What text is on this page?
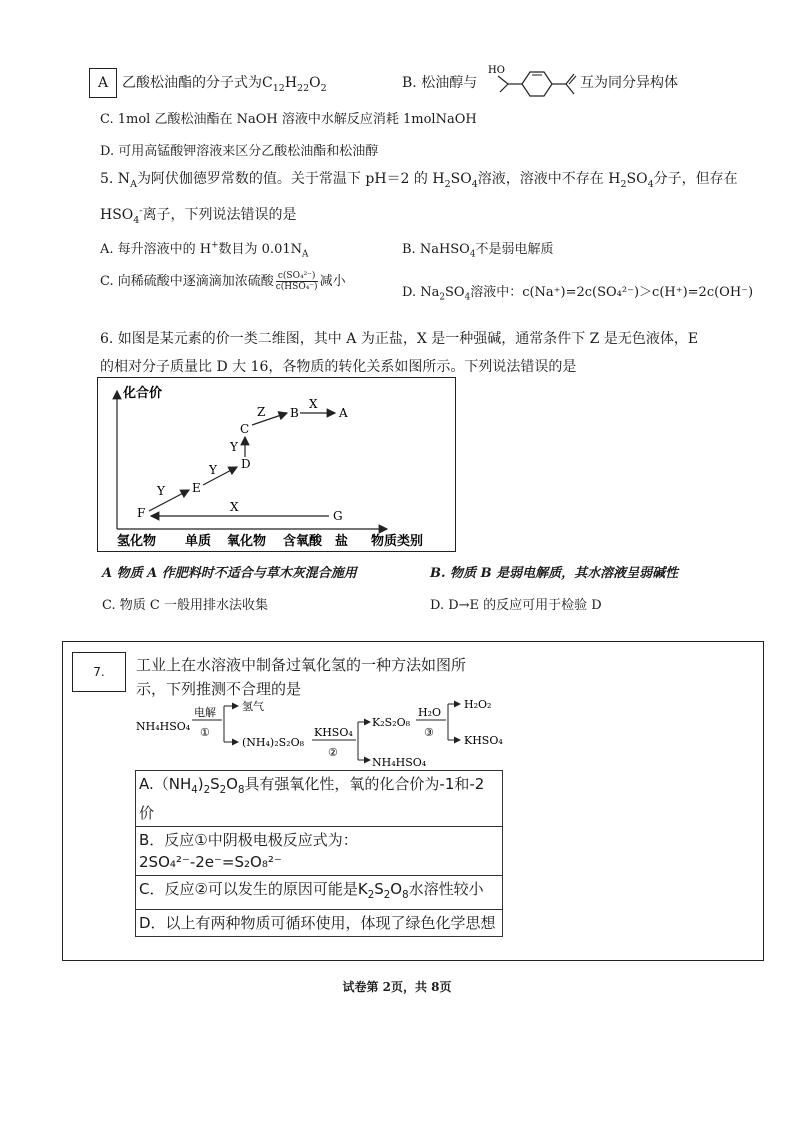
A 乙酸松油酯的分子式为$C_{12}H_{22}O_2$	B. 松油醇与
HO
互为同分异构体
C. 1mol 乙酸松油酯在 NaOH 溶液中水解反应消耗 1molNaOH
D. 可用高锰酸钾溶液来区分乙酸松油酯和松油醇
5. $N_A$为阿伏伽德罗常数的值。关于常温下 pH＝2 的 $H_2SO_4$溶液，溶液中不存在 $H_2SO_4$分子，但存在
$HSO_4^-$离子，下列说法错误的是
A. 每升溶液中的 H+数目为 $0.01N_A$	B. NaHSO$_4$不是弱电解质
C. 向稀硫酸中逐滴滴加浓硫酸 $\frac{\text{c(SO₄²⁻)}}{\text{c(HSO₄⁻)}}$ 减小
D. $Na_2SO_4$溶液中：c(Na⁺)=2c(SO₄²⁻)＞c(H⁺)=2c(OH⁻)
6. 如图是某元素的价一类二维图，其中 A 为正盐，X 是一种强碱，通常条件下 Z 是无色液体，E
的相对分子质量比 D 大 16，各物质的转化关系如图所示。下列说法错误的是
化合价
物质类别
氢化物 单质 氧化物 含氧酸 盐
F
E
D
C
B	A
G
Y
Y
Y
Z
X
X
A 物质 A 作肥料时不适合与草木灰混合施用	B. 物质 B 是弱电解质，其水溶液呈弱碱性
C. 物质 C 一般用排水法收集	D. D→E 的反应可用于检验 D
7.	工业上在水溶液中制备过氧化氢的一种方法如图所
示，下列推测不合理的是
NH₄HSO₄
电解
①
氢气
(NH₄)₂S₂O₈
KHSO₄
②
K₂S₂O₈
NH₄HSO₄
H₂O
③
H₂O₂
KHSO₄
$A.(NH_4)_2S_2O_8$具有强氧化性，氧的化合价为-1和-2价
B．反应①中阴极电极反应式为：2SO₄²⁻-2e⁻=S₂O₈²⁻
C．反应②可以发生的原因可能是$K_2S_2O_8$水溶性较小
D．以上有两种物质可循环使用，体现了绿色化学思想
试卷第 2页，共 8页
